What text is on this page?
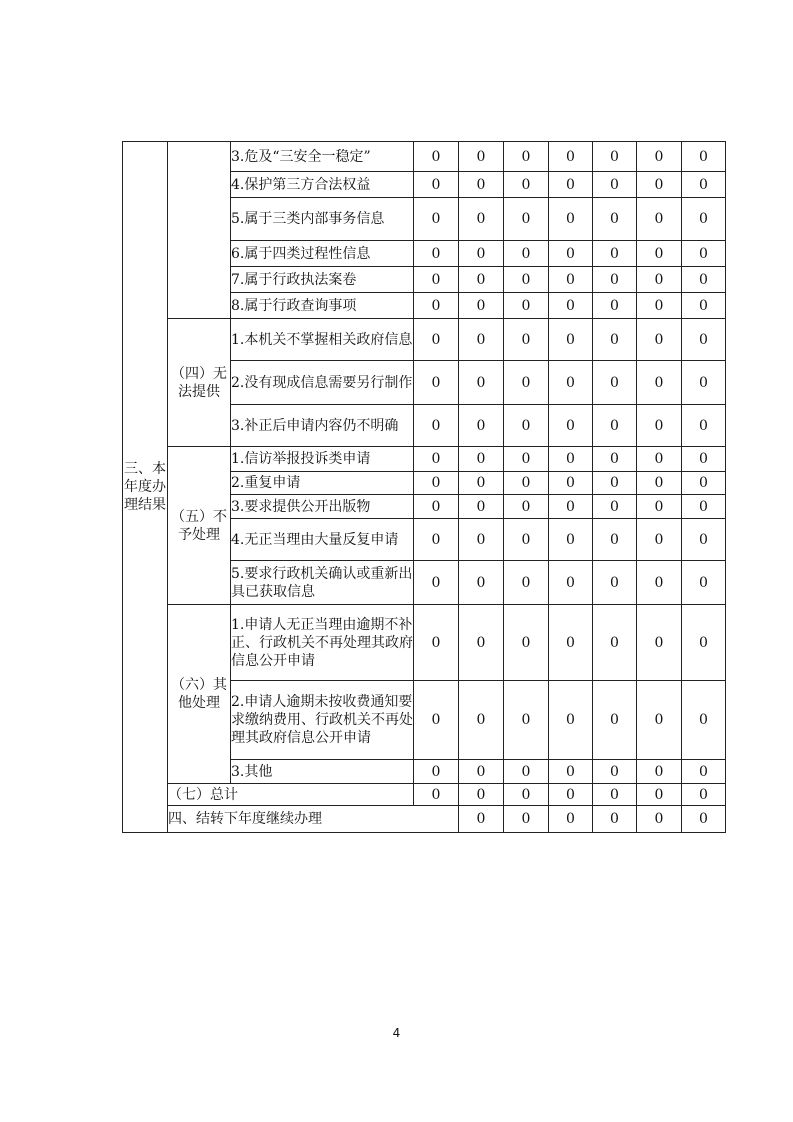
三、本年度办理结果		3.危及“三安全一稳定”	0	0	0	0	0	0	0	
		4.保护第三方合法权益	0	0	0	0	0	0	0	
		5.属于三类内部事务信息	0	0	0	0	0	0	0	
		6.属于四类过程性信息	0	0	0	0	0	0	0	
		7.属于行政执法案卷	0	0	0	0	0	0	0	
		8.属于行政查询事项	0	0	0	0	0	0	0	
	（四）无法提供	1.本机关不掌握相关政府信息	0	0	0	0	0	0	0	
		2.没有现成信息需要另行制作	0	0	0	0	0	0	0	
		3.补正后申请内容仍不明确	0	0	0	0	0	0	0	
	（五）不予处理	1.信访举报投诉类申请	0	0	0	0	0	0	0	
		2.重复申请	0	0	0	0	0	0	0	
		3.要求提供公开出版物	0	0	0	0	0	0	0	
		4.无正当理由大量反复申请	0	0	0	0	0	0	0	
		5.要求行政机关确认或重新出具已获取信息	0	0	0	0	0	0	0	
	（六）其他处理	1.申请人无正当理由逾期不补正、行政机关不再处理其政府信息公开申请	0	0	0	0	0	0	0	
		2.申请人逾期未按收费通知要求缴纳费用、行政机关不再处理其政府信息公开申请	0	0	0	0	0	0	0	
		3.其他	0	0	0	0	0	0	0	
	（七）总计		0	0	0	0	0	0	0	
	四、结转下年度继续办理			0	0	0	0	0	0	
4
